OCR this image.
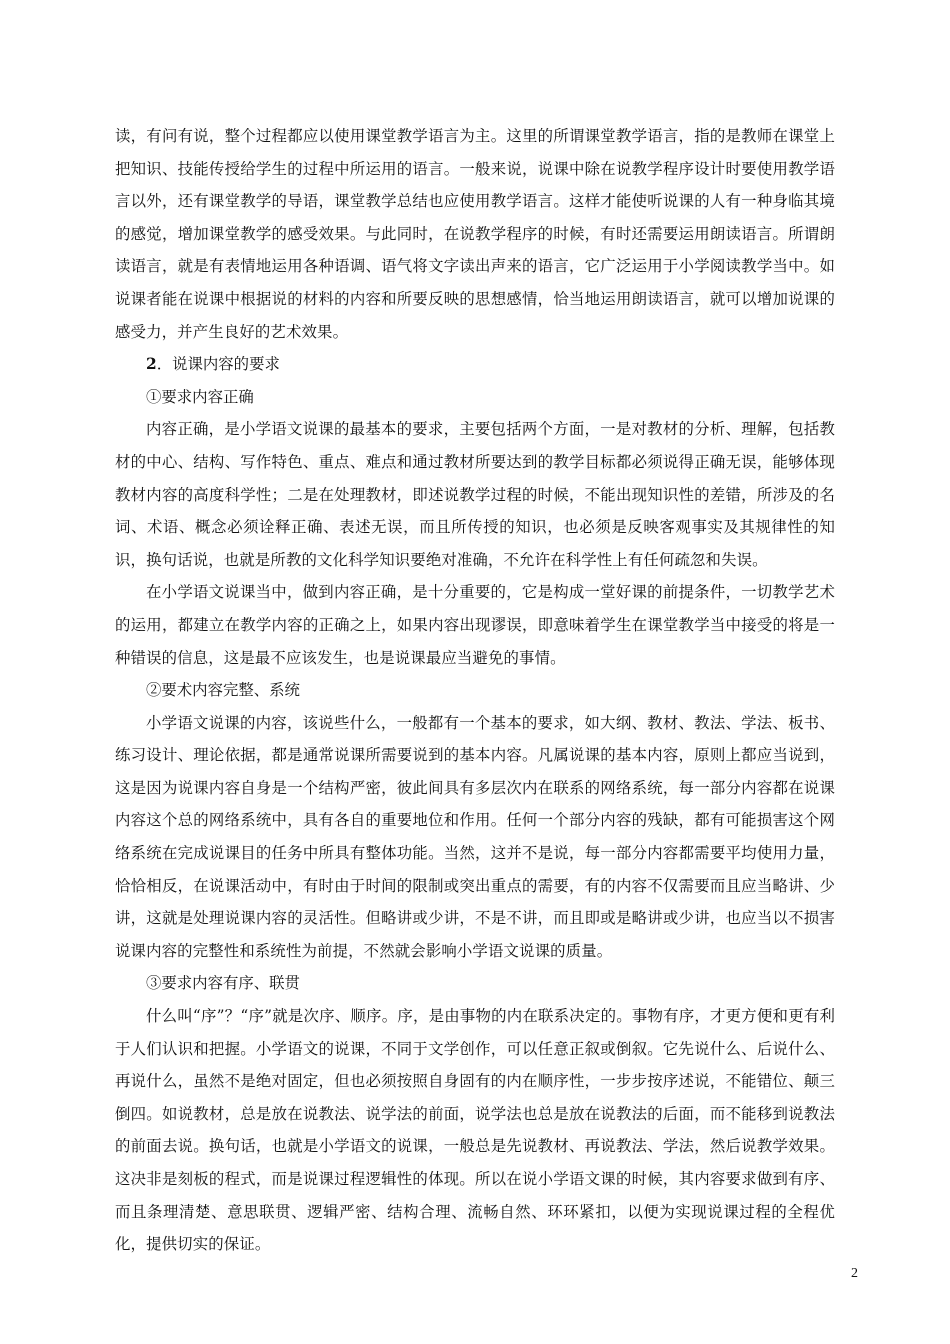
读，有问有说，整个过程都应以使用课堂教学语言为主。这里的所谓课堂教学语言，指的是教师在课堂上把知识、技能传授给学生的过程中所运用的语言。一般来说，说课中除在说教学程序设计时要使用教学语言以外，还有课堂教学的导语，课堂教学总结也应使用教学语言。这样才能使听说课的人有一种身临其境的感觉，增加课堂教学的感受效果。与此同时，在说教学程序的时候，有时还需要运用朗读语言。所谓朗读语言，就是有表情地运用各种语调、语气将文字读出声来的语言，它广泛运用于小学阅读教学当中。如说课者能在说课中根据说的材料的内容和所要反映的思想感情，恰当地运用朗读语言，就可以增加说课的感受力，并产生良好的艺术效果。

2．说课内容的要求

①要求内容正确

内容正确，是小学语文说课的最基本的要求，主要包括两个方面，一是对教材的分析、理解，包括教材的中心、结构、写作特色、重点、难点和通过教材所要达到的教学目标都必须说得正确无误，能够体现教材内容的高度科学性；二是在处理教材，即述说教学过程的时候，不能出现知识性的差错，所涉及的名词、术语、概念必须诠释正确、表述无误，而且所传授的知识，也必须是反映客观事实及其规律性的知识，换句话说，也就是所教的文化科学知识要绝对准确，不允许在科学性上有任何疏忽和失误。

在小学语文说课当中，做到内容正确，是十分重要的，它是构成一堂好课的前提条件，一切教学艺术的运用，都建立在教学内容的正确之上，如果内容出现谬误，即意味着学生在课堂教学当中接受的将是一种错误的信息，这是最不应该发生，也是说课最应当避免的事情。

②要术内容完整、系统

小学语文说课的内容，该说些什么，一般都有一个基本的要求，如大纲、教材、教法、学法、板书、练习设计、理论依据，都是通常说课所需要说到的基本内容。凡属说课的基本内容，原则上都应当说到，这是因为说课内容自身是一个结构严密，彼此间具有多层次内在联系的网络系统，每一部分内容都在说课内容这个总的网络系统中，具有各自的重要地位和作用。任何一个部分内容的残缺，都有可能损害这个网络系统在完成说课目的任务中所具有整体功能。当然，这并不是说，每一部分内容都需要平均使用力量，恰恰相反，在说课活动中，有时由于时间的限制或突出重点的需要，有的内容不仅需要而且应当略讲、少讲，这就是处理说课内容的灵活性。但略讲或少讲，不是不讲，而且即或是略讲或少讲，也应当以不损害说课内容的完整性和系统性为前提，不然就会影响小学语文说课的质量。

③要求内容有序、联贯

什么叫“序”？“序”就是次序、顺序。序，是由事物的内在联系决定的。事物有序，才更方便和更有利于人们认识和把握。小学语文的说课，不同于文学创作，可以任意正叙或倒叙。它先说什么、后说什么、再说什么，虽然不是绝对固定，但也必须按照自身固有的内在顺序性，一步步按序述说，不能错位、颠三倒四。如说教材，总是放在说教法、说学法的前面，说学法也总是放在说教法的后面，而不能移到说教法的前面去说。换句话，也就是小学语文的说课，一般总是先说教材、再说教法、学法，然后说教学效果。这决非是刻板的程式，而是说课过程逻辑性的体现。所以在说小学语文课的时候，其内容要求做到有序、而且条理清楚、意思联贯、逻辑严密、结构合理、流畅自然、环环紧扣，以便为实现说课过程的全程优化，提供切实的保证。

2
